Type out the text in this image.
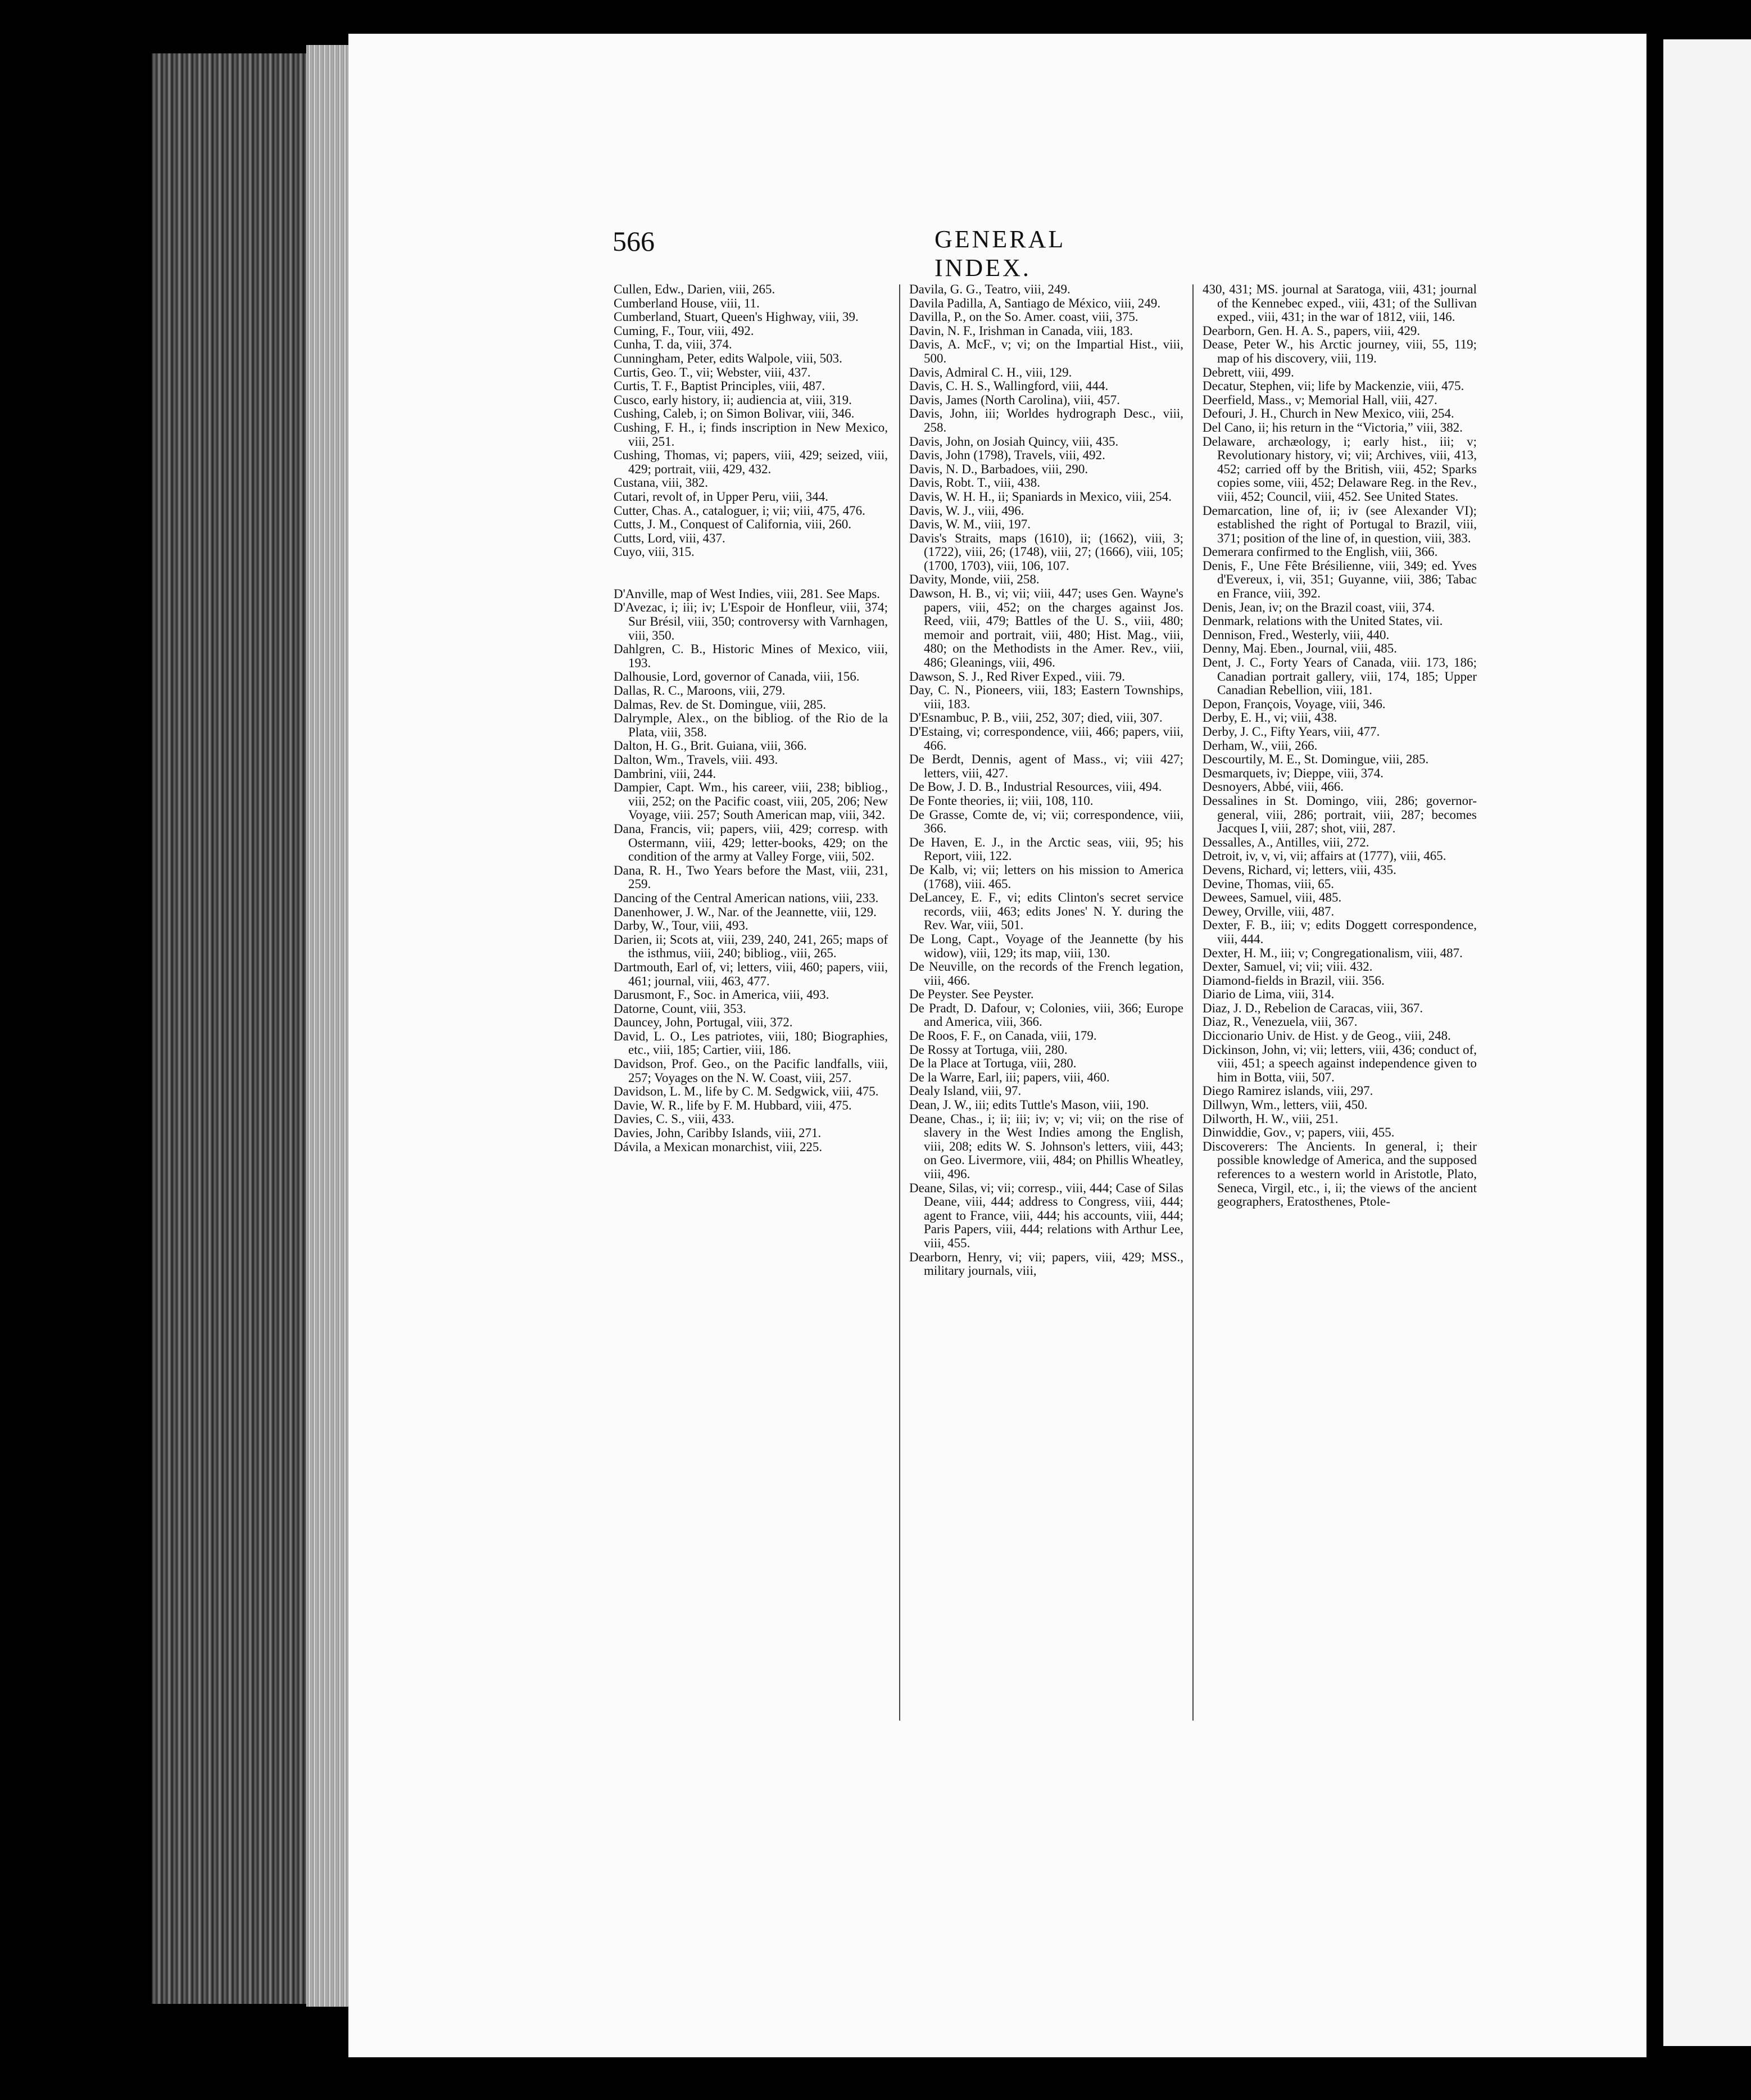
566	GENERAL INDEX.
Cullen, Edw., Darien, viii, 265.
Cumberland House, viii, 11.
Cumberland, Stuart, Queen's Highway, viii, 39.
Cuming, F., Tour, viii, 492.
Cunha, T. da, viii, 374.
Cunningham, Peter, edits Walpole, viii, 503.
Curtis, Geo. T., vii; Webster, viii, 437.
Curtis, T. F., Baptist Principles, viii, 487.
Cusco, early history, ii; audiencia at, viii, 319.
Cushing, Caleb, i; on Simon Bolivar, viii, 346.
Cushing, F. H., i; finds inscription in New Mexico, viii, 251.
Cushing, Thomas, vi; papers, viii, 429; seized, viii, 429; portrait, viii, 429, 432.
Custana, viii, 382.
Cutari, revolt of, in Upper Peru, viii, 344.
Cutter, Chas. A., cataloguer, i; vii; viii, 475, 476.
Cutts, J. M., Conquest of California, viii, 260.
Cutts, Lord, viii, 437.
Cuyo, viii, 315.
D'Anville, map of West Indies, viii, 281. See Maps.
D'Avezac, i; iii; iv; L'Espoir de Honfleur, viii, 374; Sur Brésil, viii, 350; controversy with Varnhagen, viii, 350.
Dahlgren, C. B., Historic Mines of Mexico, viii, 193.
Dalhousie, Lord, governor of Canada, viii, 156.
Dallas, R. C., Maroons, viii, 279.
Dalmas, Rev. de St. Domingue, viii, 285.
Dalrymple, Alex., on the bibliog. of the Rio de la Plata, viii, 358.
Dalton, H. G., Brit. Guiana, viii, 366.
Dalton, Wm., Travels, viii. 493.
Dambrini, viii, 244.
Dampier, Capt. Wm., his career, viii, 238; bibliog., viii, 252; on the Pacific coast, viii, 205, 206; New Voyage, viii. 257; South American map, viii, 342.
Dana, Francis, vii; papers, viii, 429; corresp. with Ostermann, viii, 429; letter-books, 429; on the condition of the army at Valley Forge, viii, 502.
Dana, R. H., Two Years before the Mast, viii, 231, 259.
Dancing of the Central American nations, viii, 233.
Danenhower, J. W., Nar. of the Jeannette, viii, 129.
Darby, W., Tour, viii, 493.
Darien, ii; Scots at, viii, 239, 240, 241, 265; maps of the isthmus, viii, 240; bibliog., viii, 265.
Dartmouth, Earl of, vi; letters, viii, 460; papers, viii, 461; journal, viii, 463, 477.
Darusmont, F., Soc. in America, viii, 493.
Datorne, Count, viii, 353.
Dauncey, John, Portugal, viii, 372.
David, L. O., Les patriotes, viii, 180; Biographies, etc., viii, 185; Cartier, viii, 186.
Davidson, Prof. Geo., on the Pacific landfalls, viii, 257; Voyages on the N. W. Coast, viii, 257.
Davidson, L. M., life by C. M. Sedgwick, viii, 475.
Davie, W. R., life by F. M. Hubbard, viii, 475.
Davies, C. S., viii, 433.
Davies, John, Caribby Islands, viii, 271.
Dávila, a Mexican monarchist, viii, 225.
Davila, G. G., Teatro, viii, 249.
Davila Padilla, A, Santiago de México, viii, 249.
Davilla, P., on the So. Amer. coast, viii, 375.
Davin, N. F., Irishman in Canada, viii, 183.
Davis, A. McF., v; vi; on the Impartial Hist., viii, 500.
Davis, Admiral C. H., viii, 129.
Davis, C. H. S., Wallingford, viii, 444.
Davis, James (North Carolina), viii, 457.
Davis, John, iii; Worldes hydrograph Desc., viii, 258.
Davis, John, on Josiah Quincy, viii, 435.
Davis, John (1798), Travels, viii, 492.
Davis, N. D., Barbadoes, viii, 290.
Davis, Robt. T., viii, 438.
Davis, W. H. H., ii; Spaniards in Mexico, viii, 254.
Davis, W. J., viii, 496.
Davis, W. M., viii, 197.
Davis's Straits, maps (1610), ii; (1662), viii, 3; (1722), viii, 26; (1748), viii, 27; (1666), viii, 105; (1700, 1703), viii, 106, 107.
Davity, Monde, viii, 258.
Dawson, H. B., vi; vii; viii, 447; uses Gen. Wayne's papers, viii, 452; on the charges against Jos. Reed, viii, 479; Battles of the U. S., viii, 480; memoir and portrait, viii, 480; Hist. Mag., viii, 480; on the Methodists in the Amer. Rev., viii, 486; Gleanings, viii, 496.
Dawson, S. J., Red River Exped., viii. 79.
Day, C. N., Pioneers, viii, 183; Eastern Townships, viii, 183.
D'Esnambuc, P. B., viii, 252, 307; died, viii, 307.
D'Estaing, vi; correspondence, viii, 466; papers, viii, 466.
De Berdt, Dennis, agent of Mass., vi; viii 427; letters, viii, 427.
De Bow, J. D. B., Industrial Resources, viii, 494.
De Fonte theories, ii; viii, 108, 110.
De Grasse, Comte de, vi; vii; correspondence, viii, 366.
De Haven, E. J., in the Arctic seas, viii, 95; his Report, viii, 122.
De Kalb, vi; vii; letters on his mission to America (1768), viii. 465.
DeLancey, E. F., vi; edits Clinton's secret service records, viii, 463; edits Jones' N. Y. during the Rev. War, viii, 501.
De Long, Capt., Voyage of the Jeannette (by his widow), viii, 129; its map, viii, 130.
De Neuville, on the records of the French legation, viii, 466.
De Peyster. See Peyster.
De Pradt, D. Dafour, v; Colonies, viii, 366; Europe and America, viii, 366.
De Roos, F. F., on Canada, viii, 179.
De Rossy at Tortuga, viii, 280.
De la Place at Tortuga, viii, 280.
De la Warre, Earl, iii; papers, viii, 460.
Dealy Island, viii, 97.
Dean, J. W., iii; edits Tuttle's Mason, viii, 190.
Deane, Chas., i; ii; iii; iv; v; vi; vii; on the rise of slavery in the West Indies among the English, viii, 208; edits W. S. Johnson's letters, viii, 443; on Geo. Livermore, viii, 484; on Phillis Wheatley, viii, 496.
Deane, Silas, vi; vii; corresp., viii, 444; Case of Silas Deane, viii, 444; address to Congress, viii, 444; agent to France, viii, 444; his accounts, viii, 444; Paris Papers, viii, 444; relations with Arthur Lee, viii, 455.
Dearborn, Henry, vi; vii; papers, viii, 429; MSS., military journals, viii,
430, 431; MS. journal at Saratoga, viii, 431; journal of the Kennebec exped., viii, 431; of the Sullivan exped., viii, 431; in the war of 1812, viii, 146.
Dearborn, Gen. H. A. S., papers, viii, 429.
Dease, Peter W., his Arctic journey, viii, 55, 119; map of his discovery, viii, 119.
Debrett, viii, 499.
Decatur, Stephen, vii; life by Mackenzie, viii, 475.
Deerfield, Mass., v; Memorial Hall, viii, 427.
Defouri, J. H., Church in New Mexico, viii, 254.
Del Cano, ii; his return in the “Victoria,” viii, 382.
Delaware, archæology, i; early hist., iii; v; Revolutionary history, vi; vii; Archives, viii, 413, 452; carried off by the British, viii, 452; Sparks copies some, viii, 452; Delaware Reg. in the Rev., viii, 452; Council, viii, 452. See United States.
Demarcation, line of, ii; iv (see Alexander VI); established the right of Portugal to Brazil, viii, 371; position of the line of, in question, viii, 383.
Demerara confirmed to the English, viii, 366.
Denis, F., Une Fête Brésilienne, viii, 349; ed. Yves d'Evereux, i, vii, 351; Guyanne, viii, 386; Tabac en France, viii, 392.
Denis, Jean, iv; on the Brazil coast, viii, 374.
Denmark, relations with the United States, vii.
Dennison, Fred., Westerly, viii, 440.
Denny, Maj. Eben., Journal, viii, 485.
Dent, J. C., Forty Years of Canada, viii. 173, 186; Canadian portrait gallery, viii, 174, 185; Upper Canadian Rebellion, viii, 181.
Depon, François, Voyage, viii, 346.
Derby, E. H., vi; viii, 438.
Derby, J. C., Fifty Years, viii, 477.
Derham, W., viii, 266.
Descourtily, M. E., St. Domingue, viii, 285.
Desmarquets, iv; Dieppe, viii, 374.
Desnoyers, Abbé, viii, 466.
Dessalines in St. Domingo, viii, 286; governor-general, viii, 286; portrait, viii, 287; becomes Jacques I, viii, 287; shot, viii, 287.
Dessalles, A., Antilles, viii, 272.
Detroit, iv, v, vi, vii; affairs at (1777), viii, 465.
Devens, Richard, vi; letters, viii, 435.
Devine, Thomas, viii, 65.
Dewees, Samuel, viii, 485.
Dewey, Orville, viii, 487.
Dexter, F. B., iii; v; edits Doggett correspondence, viii, 444.
Dexter, H. M., iii; v; Congregationalism, viii, 487.
Dexter, Samuel, vi; vii; viii. 432.
Diamond-fields in Brazil, viii. 356.
Diario de Lima, viii, 314.
Diaz, J. D., Rebelion de Caracas, viii, 367.
Diaz, R., Venezuela, viii, 367.
Diccionario Univ. de Hist. y de Geog., viii, 248.
Dickinson, John, vi; vii; letters, viii, 436; conduct of, viii, 451; a speech against independence given to him in Botta, viii, 507.
Diego Ramirez islands, viii, 297.
Dillwyn, Wm., letters, viii, 450.
Dilworth, H. W., viii, 251.
Dinwiddie, Gov., v; papers, viii, 455.
Discoverers: The Ancients. In general, i; their possible knowledge of America, and the supposed references to a western world in Aristotle, Plato, Seneca, Virgil, etc., i, ii; the views of the ancient geographers, Eratosthenes, Ptole-
